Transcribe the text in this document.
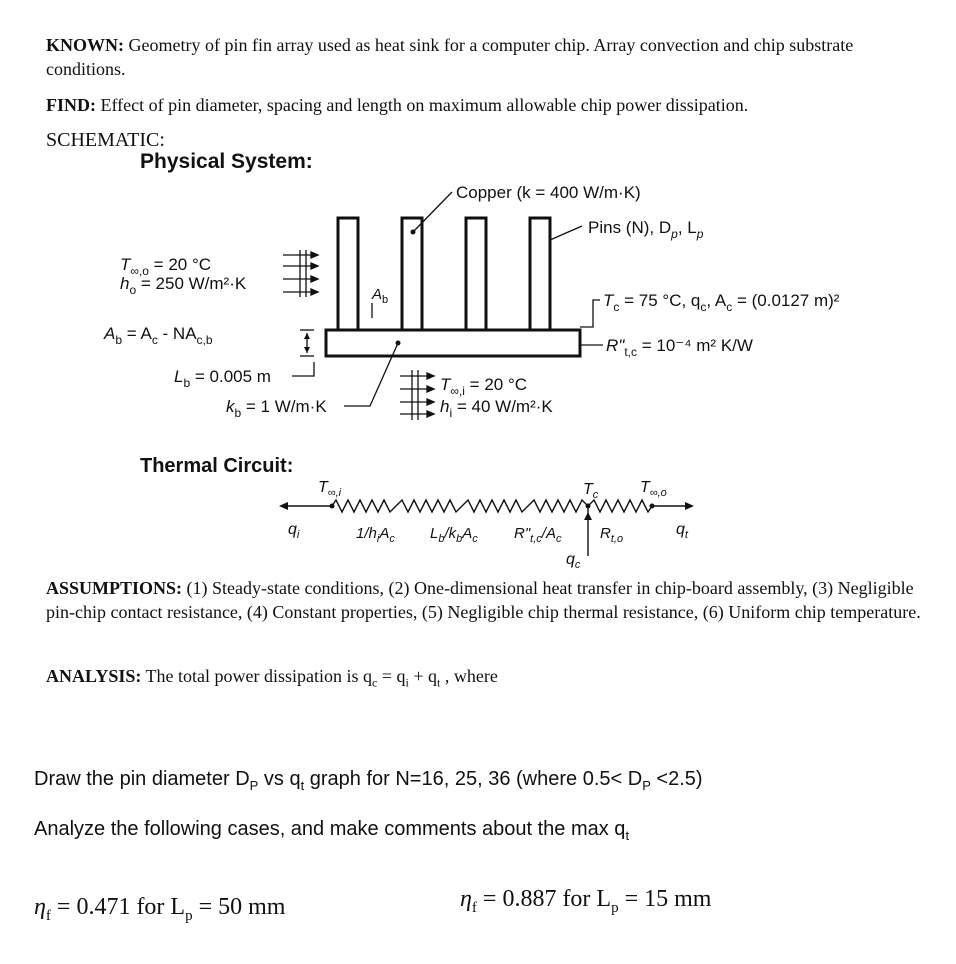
KNOWN: Geometry of pin fin array used as heat sink for a computer chip. Array convection and chip substrate conditions.
FIND: Effect of pin diameter, spacing and length on maximum allowable chip power dissipation.
SCHEMATIC:
Physical System:
Copper (k = 400 W/m·K)
Pins (N), $D_p$, $L_p$
$T_{\infty,o} = 20$ °C
$h_o = 250$ W/m²·K
$A_b$
$A_b = A_c - NA_{c,b}$
$L_b = 0.005$ m
$k_b = 1$ W/m·K
$T_c = 75$ °C, $q_c$, $A_c = (0.0127$ m)²
$R"_{t,c} = 10^{-4}$ m² K/W
$T_{\infty,i} = 20$ °C
$h_i = 40$ W/m²·K
Thermal Circuit:
$T_{\infty,i}$	$T_c$	$T_{\infty,o}$
$q_i$	$1/h_iA_c$ $L_b/k_bA_c$ $R"_{t,c}/A_c$	$R_{t,o}$
$q_t$
$q_c$
ASSUMPTIONS: (1) Steady-state conditions, (2) One-dimensional heat transfer in chip-board assembly, (3) Negligible pin-chip contact resistance, (4) Constant properties, (5) Negligible chip thermal resistance, (6) Uniform chip temperature.
ANALYSIS: The total power dissipation is $q_c = q_i + q_t$ , where
Draw the pin diameter $D_P$ vs $q_t$ graph for N=16, 25, 36 (where $0.5< D_P <2.5$)
Analyze the following cases, and make comments about the $\max q_t$
$\eta_f = 0.471$ for $L_p = 50$ mm	$\eta_f = 0.887$ for $L_p = 15$ mm
